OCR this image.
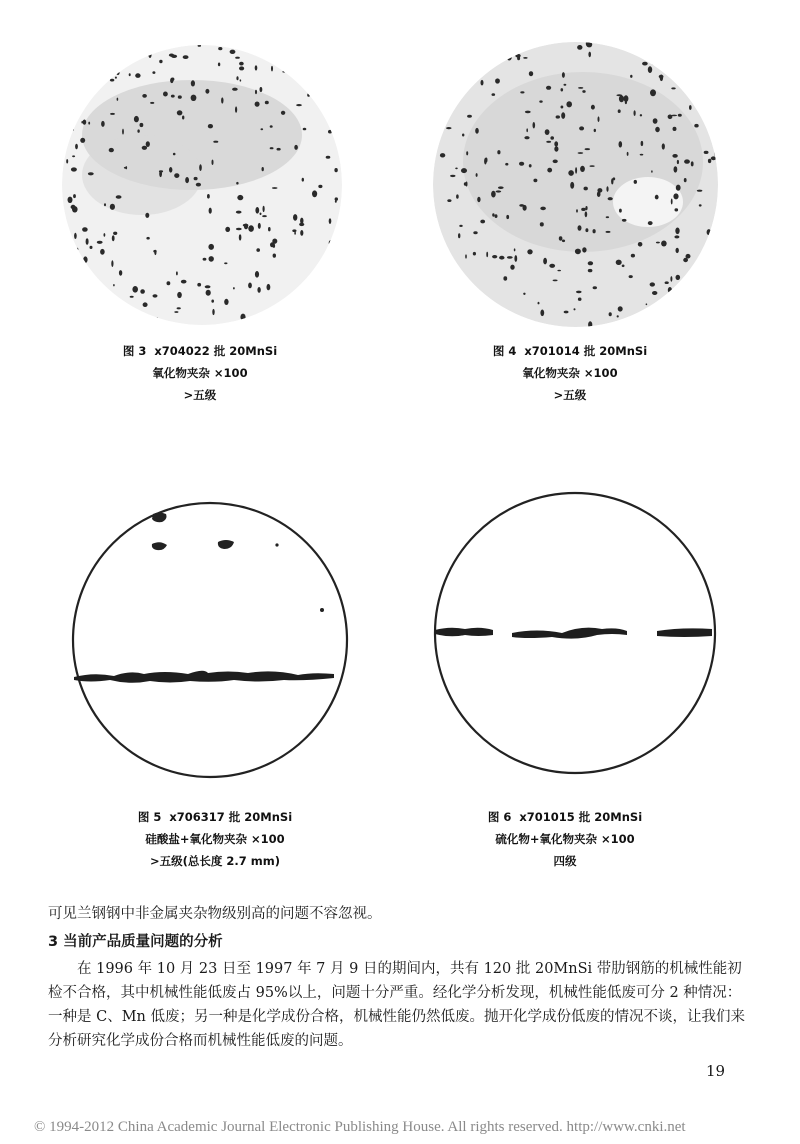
图 3 x704022 批 20MnSi
氧化物夹杂 ×100
>五级
图 4 x701014 批 20MnSi
氧化物夹杂 ×100
>五级
图 5 x706317 批 20MnSi
硅酸盐+氧化物夹杂 ×100
>五级(总长度 2.7 mm)
图 6 x701015 批 20MnSi
硫化物+氧化物夹杂 ×100
四级
可见兰钢钢中非金属夹杂物级别高的问题不容忽视。
3 当前产品质量问题的分析

在 1996 年 10 月 23 日至 1997 年 7 月 9 日的期间内，共有 120 批 20MnSi 带肋钢筋的机械性能初检不合格，其中机械性能低废占 95%以上，问题十分严重。经化学分析发现，机械性能低废可分 2 种情况：一种是 C、Mn 低废；另一种是化学成份合格，机械性能仍然低废。抛开化学成份低废的情况不谈，让我们来分析研究化学成份合格而机械性能低废的问题。

19
© 1994-2012 China Academic Journal Electronic Publishing House. All rights reserved. http://www.cnki.net
